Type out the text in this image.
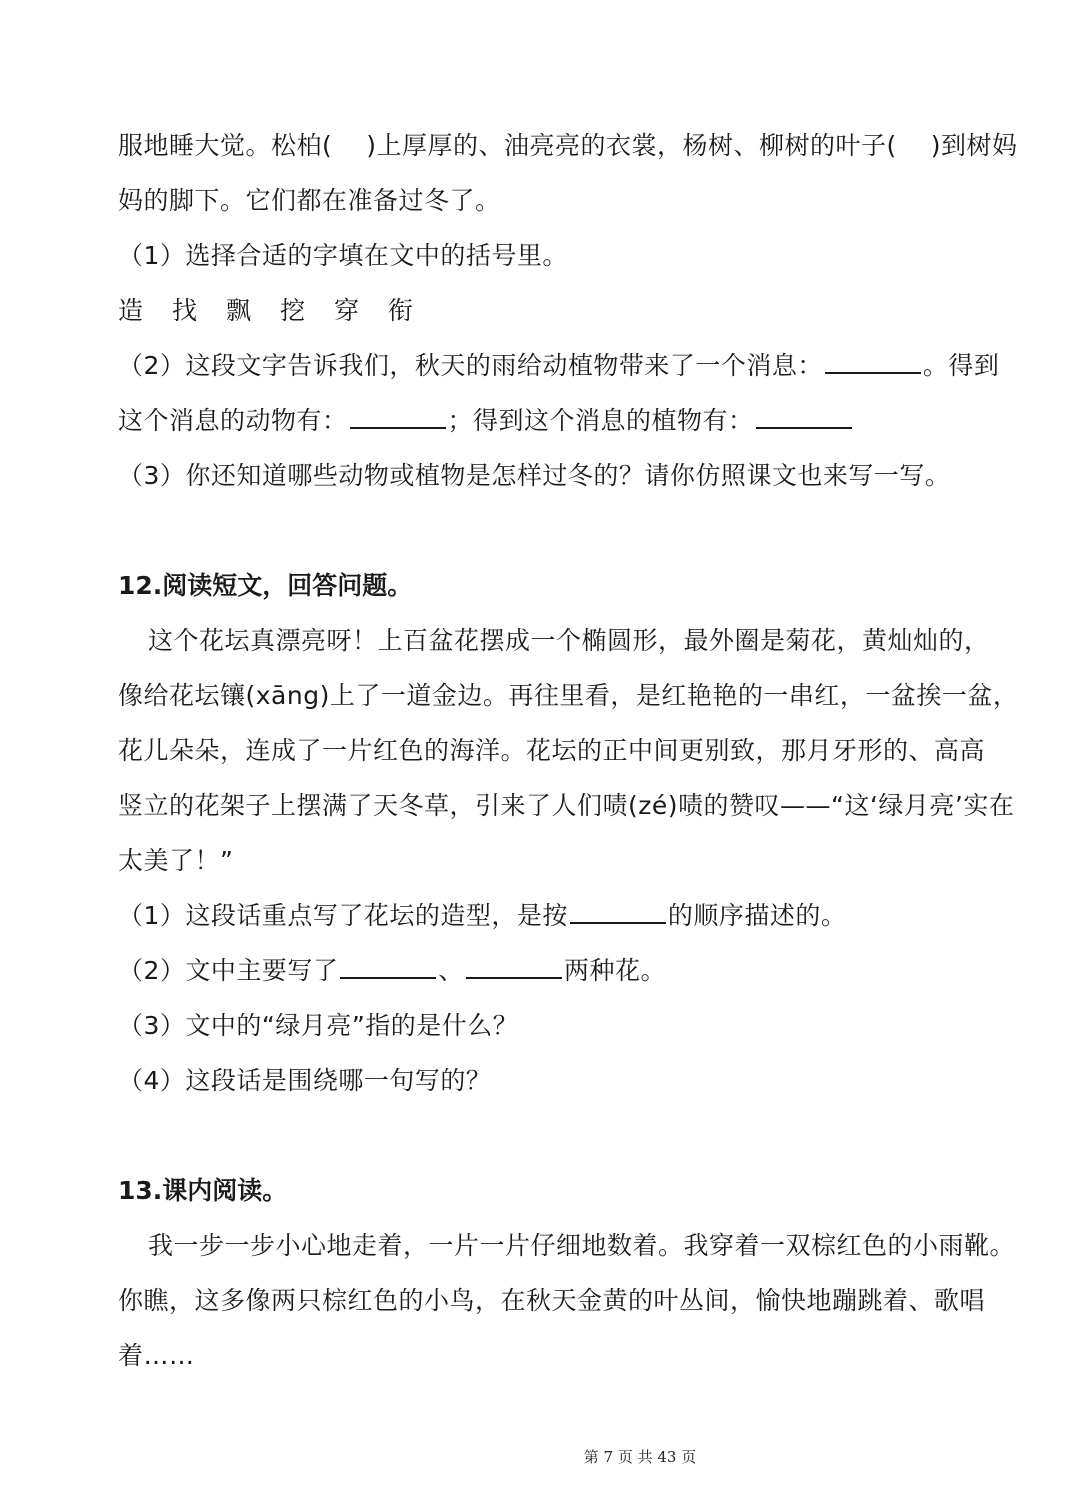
服地睡大觉。松柏( )上厚厚的、油亮亮的衣裳，杨树、柳树的叶子( )到树妈
妈的脚下。它们都在准备过冬了。
（1）选择合适的字填在文中的括号里。
造 找 飘 挖 穿 衔
（2）这段文字告诉我们，秋天的雨给动植物带来了一个消息：	。得到
这个消息的动物有：	；得到这个消息的植物有：
（3）你还知道哪些动物或植物是怎样过冬的？请你仿照课文也来写一写。
12.阅读短文，回答问题。
这个花坛真漂亮呀！上百盆花摆成一个椭圆形，最外圈是菊花，黄灿灿的，
像给花坛镶(xāng)上了一道金边。再往里看，是红艳艳的一串红，一盆挨一盆，
花儿朵朵，连成了一片红色的海洋。花坛的正中间更别致，那月牙形的、高高
竖立的花架子上摆满了天冬草，引来了人们啧(zé)啧的赞叹——“这‘绿月亮’实在
太美了！”
（1）这段话重点写了花坛的造型，是按	的顺序描述的。
（2）文中主要写了	、	两种花。
（3）文中的“绿月亮”指的是什么？
（4）这段话是围绕哪一句写的？
13.课内阅读。
我一步一步小心地走着，一片一片仔细地数着。我穿着一双棕红色的小雨靴。
你瞧，这多像两只棕红色的小鸟，在秋天金黄的叶丛间，愉快地蹦跳着、歌唱
着……
第 7 页 共 43 页
